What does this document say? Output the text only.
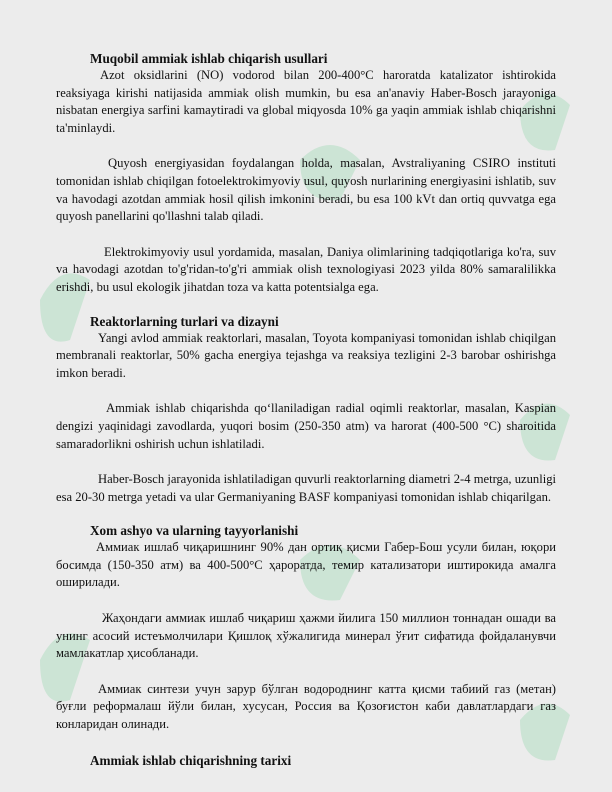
Muqobil ammiak ishlab chiqarish usullari

Azot oksidlarini (NO) vodorod bilan 200-400°C haroratda katalizator ishtirokida reaksiyaga kirishi natijasida ammiak olish mumkin, bu esa an'anaviy Haber-Bosch jarayoniga nisbatan energiya sarfini kamaytiradi va global miqyosda 10% ga yaqin ammiak ishlab chiqarishni ta'minlaydi.

Quyosh energiyasidan foydalangan holda, masalan, Avstraliyaning CSIRO instituti tomonidan ishlab chiqilgan fotoelektrokimyoviy usul, quyosh nurlarining energiyasini ishlatib, suv va havodagi azotdan ammiak hosil qilish imkonini beradi, bu esa 100 kVt dan ortiq quvvatga ega quyosh panellarini qo'llashni talab qiladi.

Elektrokimyoviy usul yordamida, masalan, Daniya olimlarining tadqiqotlariga ko'ra, suv va havodagi azotdan to'g'ridan-to'g'ri ammiak olish texnologiyasi 2023 yilda 80% samaralilikka erishdi, bu usul ekologik jihatdan toza va katta potentsialga ega.

Reaktorlarning turlari va dizayni

Yangi avlod ammiak reaktorlari, masalan, Toyota kompaniyasi tomonidan ishlab chiqilgan membranali reaktorlar, 50% gacha energiya tejashga va reaksiya tezligini 2-3 barobar oshirishga imkon beradi.

Ammiak ishlab chiqarishda qo‘llaniladigan radial oqimli reaktorlar, masalan, Kaspian dengizi yaqinidagi zavodlarda, yuqori bosim (250-350 atm) va harorat (400-500 °C) sharoitida samaradorlikni oshirish uchun ishlatiladi.

Haber-Bosch jarayonida ishlatiladigan quvurli reaktorlarning diametri 2-4 metrga, uzunligi esa 20-30 metrga yetadi va ular Germaniyaning BASF kompaniyasi tomonidan ishlab chiqarilgan.

Xom ashyo va ularning tayyorlanishi

Аммиак ишлаб чиқаришнинг 90% дан ортиқ қисми Габер-Бош усули билан, юқори босимда (150-350 атм) ва 400-500°C ҳароратда, темир катализатори иштирокида амалга оширилади.

Жаҳондаги аммиак ишлаб чиқариш ҳажми йилига 150 миллион тоннадан ошади ва унинг асосий истеъмолчилари Қишлоқ хўжалигида минерал ўғит сифатида фойдаланувчи мамлакатлар ҳисобланади.

Аммиак синтези учун зарур бўлган водороднинг катта қисми табиий газ (метан) буғли реформалаш йўли билан, хусусан, Россия ва Қозоғистон каби давлатлардаги газ конларидан олинади.

Ammiak ishlab chiqarishning tarixi
